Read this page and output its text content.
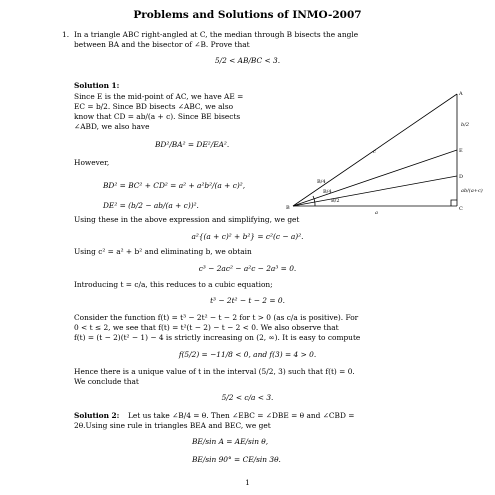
Problems and Solutions of INMO-2007
1. In a triangle ABC right-angled at C, the median through B bisects the angle
between BA and the bisector of ∠B. Prove that
5/2 < AB/BC < 3.
Solution 1:
Since E is the mid-point of AC, we have AE =
EC = b/2. Since BD bisects ∠ABC, we also
know that CD = ab/(a + c). Since BE bisects
∠ABD, we also have
BD²/BA² = DE²/EA².
However,
BD² = BC² + CD² = a² + a²b²/(a + c)²,
DE² = (b/2 − ab/(a + c))².
Using these in the above expression and simplifying, we get
a²{(a + c)² + b²} = c²(c − a)².
Using c² = a² + b² and eliminating b, we obtain
c³ − 2ac² − a²c − 2a³ = 0.
Introducing t = c/a, this reduces to a cubic equation;
t³ − 2t² − t − 2 = 0.
Consider the function f(t) = t³ − 2t² − t − 2 for t > 0 (as c/a is positive). For
0 < t ≤ 2, we see that f(t) = t²(t − 2) − t − 2 < 0. We also observe that
f(t) = (t − 2)(t² − 1) − 4 is strictly increasing on (2, ∞). It is easy to compute
f(5/2) = −11/8 < 0, and f(3) = 4 > 0.
Hence there is a unique value of t in the interval (5/2, 3) such that f(t) = 0.
We conclude that
5/2 < c/a < 3.
Solution 2: Let us take ∠B/4 = θ. Then ∠EBC = ∠DBE = θ and ∠CBD =
2θ.Using sine rule in triangles BEA and BEC, we get
BE/sin A = AE/sin θ,
BE/sin 90° = CE/sin 3θ.
A
B	C
D
E
b/2
c
a
ab/(a+c)
B/4
B/4
B/2
1
